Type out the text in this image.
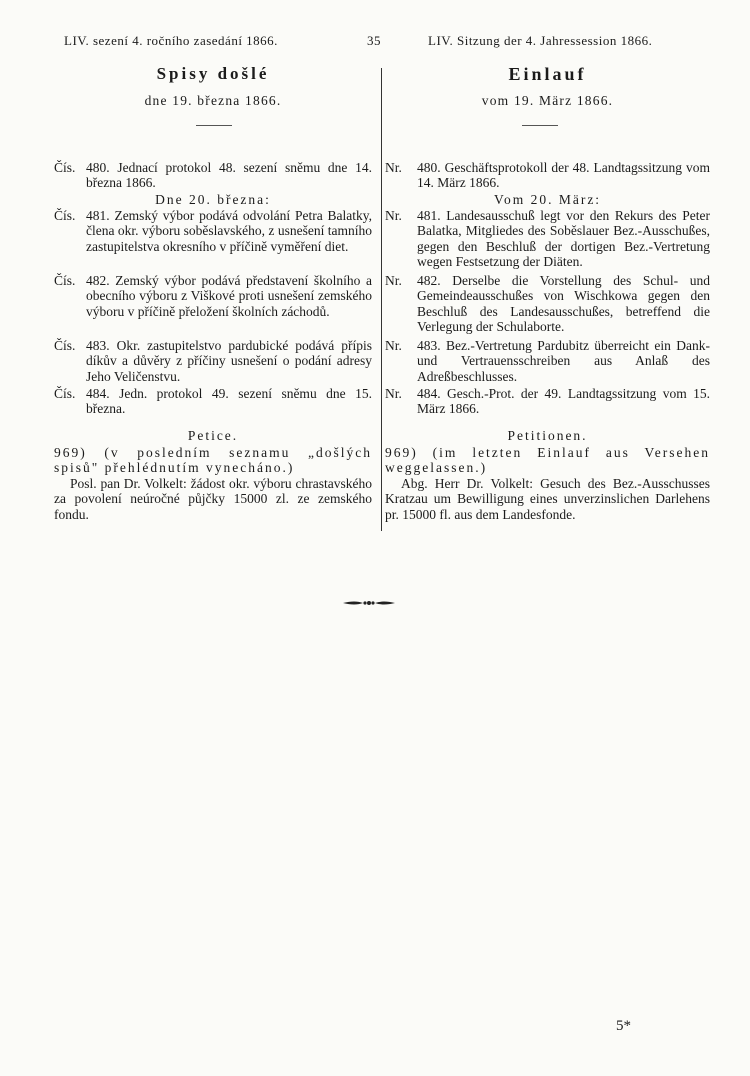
LIV. sezení 4. ročního zasedání 1866.	35	LIV. Sitzung der 4. Jahressession 1866.
Spisy došlé
dne 19. března 1866.
Čís. 480. Jednací protokol 48. sezení sněmu dne 14. března 1866.
Dne 20. března:
Čís. 481. Zemský výbor podává odvolání Petra Balatky, člena okr. výboru soběslavského, z usnešení tamního zastupitelstva okresního v příčině vyměření diet.
Čís. 482. Zemský výbor podává představení školního a obecního výboru z Viškové proti usnešení zemského výboru v příčině přeložení školních záchodů.
Čís. 483. Okr. zastupitelstvo pardubické podává přípis díkův a důvěry z příčiny usnešení o podání adresy Jeho Veličenstvu.
Čís. 484. Jedn. protokol 49. sezení sněmu dne 15. března.
Petice.
969) (v posledním seznamu „došlých spisů" přehlédnutím vynecháno.)
Posl. pan Dr. Volkelt: žádost okr. výboru chrastavského za povolení neúročné půjčky 15000 zl. ze zemského fondu.
Einlauf
vom 19. März 1866.
Nr.	480. Geschäftsprotokoll der 48. Landtagssitzung vom 14. März 1866.
Vom 20. März:
Nr.	481. Landesausschuß legt vor den Rekurs des Peter Balatka, Mitgliedes des Soběslauer Bez.-Ausschußes, gegen den Beschluß der dortigen Bez.-Vertretung wegen Festsetzung der Diäten.
Nr.	482. Derselbe die Vorstellung des Schul- und Gemeindeausschußes von Wischkowa gegen den Beschluß des Landesausschußes, betreffend die Verlegung der Schulaborte.
Nr.	483. Bez.-Vertretung Pardubitz überreicht ein Dank- und Vertrauensschreiben aus Anlaß des Adreßbeschlusses.
Nr.	484. Gesch.-Prot. der 49. Landtagssitzung vom 15. März 1866.
Petitionen.
969) (im letzten Einlauf aus Versehen weggelassen.)
Abg. Herr Dr. Volkelt: Gesuch des Bez.-Ausschusses Kratzau um Bewilligung eines unverzinslichen Darlehens pr. 15000 fl. aus dem Landesfonde.
5*
